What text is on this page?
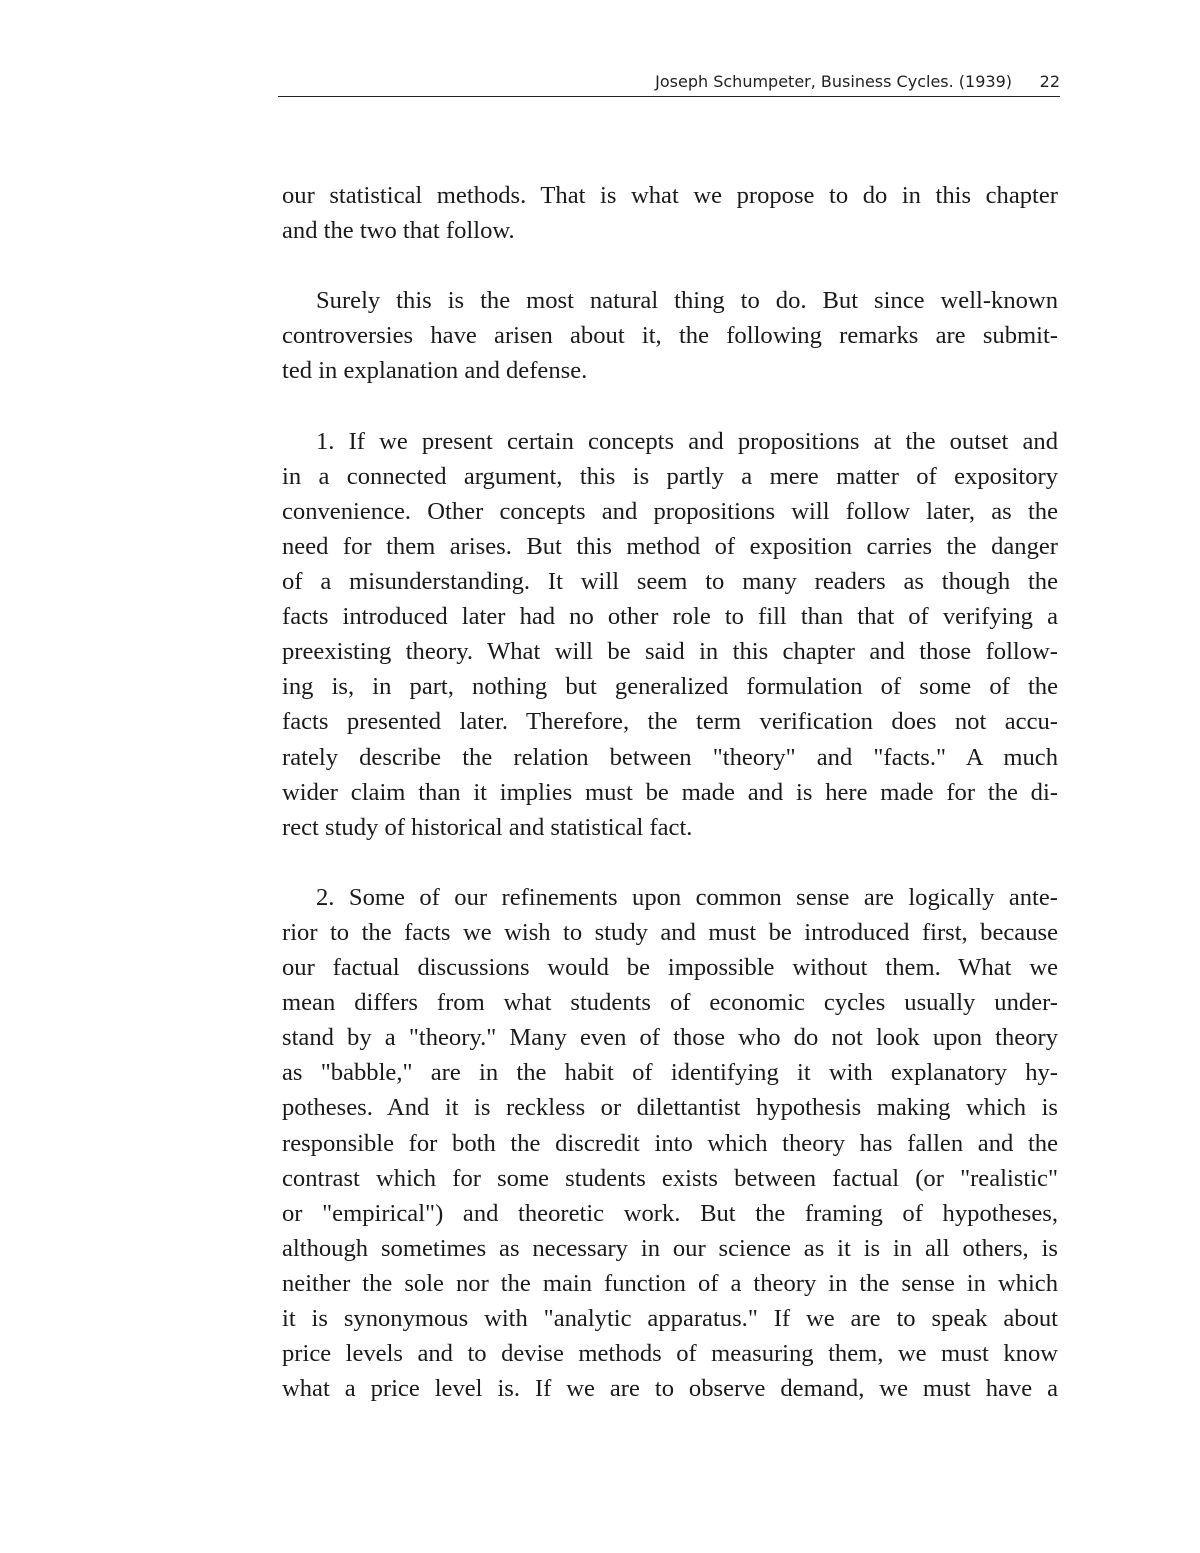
Joseph Schumpeter, Business Cycles. (1939) 22
our statistical methods. That is what we propose to do in this chapter
and the two that follow.
Surely this is the most natural thing to do. But since well-known
controversies have arisen about it, the following remarks are submit-
ted in explanation and defense.
1. If we present certain concepts and propositions at the outset and
in a connected argument, this is partly a mere matter of expository
convenience. Other concepts and propositions will follow later, as the
need for them arises. But this method of exposition carries the danger
of a misunderstanding. It will seem to many readers as though the
facts introduced later had no other role to fill than that of verifying a
preexisting theory. What will be said in this chapter and those follow-
ing is, in part, nothing but generalized formulation of some of the
facts presented later. Therefore, the term verification does not accu-
rately describe the relation between "theory" and "facts." A much
wider claim than it implies must be made and is here made for the di-
rect study of historical and statistical fact.
2. Some of our refinements upon common sense are logically ante-
rior to the facts we wish to study and must be introduced first, because
our factual discussions would be impossible without them. What we
mean differs from what students of economic cycles usually under-
stand by a "theory." Many even of those who do not look upon theory
as "babble," are in the habit of identifying it with explanatory hy-
potheses. And it is reckless or dilettantist hypothesis making which is
responsible for both the discredit into which theory has fallen and the
contrast which for some students exists between factual (or "realistic"
or "empirical") and theoretic work. But the framing of hypotheses,
although sometimes as necessary in our science as it is in all others, is
neither the sole nor the main function of a theory in the sense in which
it is synonymous with "analytic apparatus." If we are to speak about
price levels and to devise methods of measuring them, we must know
what a price level is. If we are to observe demand, we must have a
